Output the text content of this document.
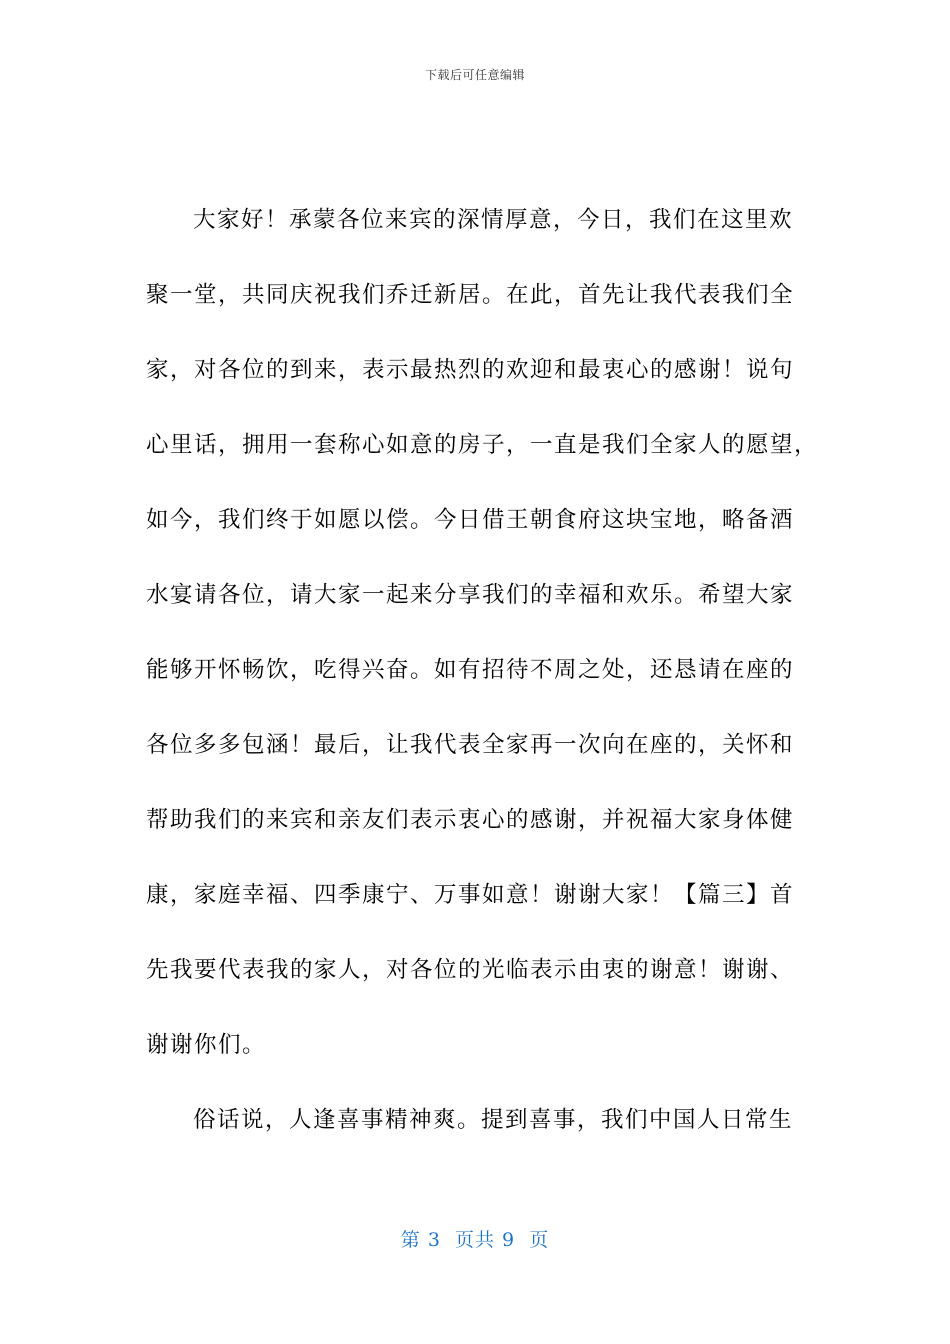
下载后可任意编辑
大家好！承蒙各位来宾的深情厚意，今日，我们在这里欢
聚一堂，共同庆祝我们乔迁新居。在此，首先让我代表我们全
家，对各位的到来，表示最热烈的欢迎和最衷心的感谢！说句
心里话，拥用一套称心如意的房子，一直是我们全家人的愿望，
如今，我们终于如愿以偿。今日借王朝食府这块宝地，略备酒
水宴请各位，请大家一起来分享我们的幸福和欢乐。希望大家
能够开怀畅饮，吃得兴奋。如有招待不周之处，还恳请在座的
各位多多包涵！最后，让我代表全家再一次向在座的，关怀和
帮助我们的来宾和亲友们表示衷心的感谢，并祝福大家身体健
康，家庭幸福、四季康宁、万事如意！谢谢大家！【篇三】首
先我要代表我的家人，对各位的光临表示由衷的谢意！谢谢、
谢谢你们。
俗话说，人逢喜事精神爽。提到喜事，我们中国人日常生
第 3  页共 9  页
